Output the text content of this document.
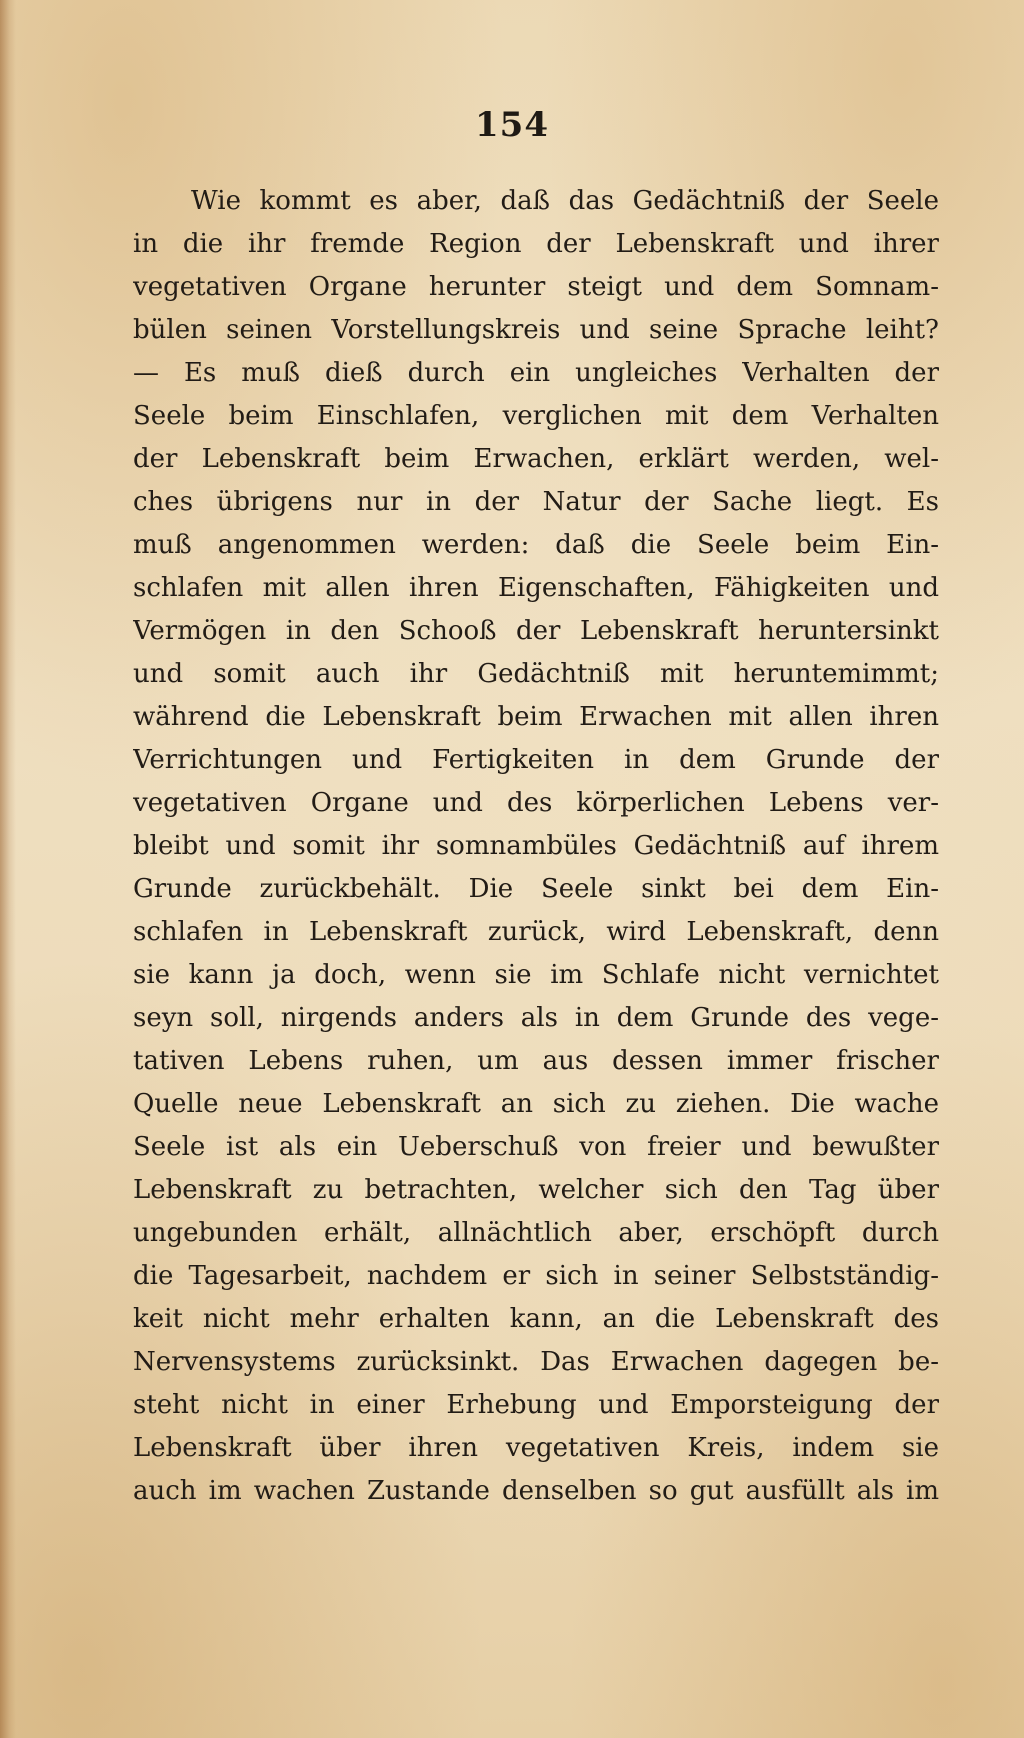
154
Wie kommt es aber, daß das Gedächtniß der Seele
in die ihr fremde Region der Lebenskraft und ihrer
vegetativen Organe herunter steigt und dem Somnam-
bülen seinen Vorstellungskreis und seine Sprache leiht?
— Es muß dieß durch ein ungleiches Verhalten der
Seele beim Einschlafen, verglichen mit dem Verhalten
der Lebenskraft beim Erwachen, erklärt werden, wel-
ches übrigens nur in der Natur der Sache liegt. Es
muß angenommen werden: daß die Seele beim Ein-
schlafen mit allen ihren Eigenschaften, Fähigkeiten und
Vermögen in den Schooß der Lebenskraft heruntersinkt
und somit auch ihr Gedächtniß mit heruntemimmt;
während die Lebenskraft beim Erwachen mit allen ihren
Verrichtungen und Fertigkeiten in dem Grunde der
vegetativen Organe und des körperlichen Lebens ver-
bleibt und somit ihr somnambüles Gedächtniß auf ihrem
Grunde zurückbehält. Die Seele sinkt bei dem Ein-
schlafen in Lebenskraft zurück, wird Lebenskraft, denn
sie kann ja doch, wenn sie im Schlafe nicht vernichtet
seyn soll, nirgends anders als in dem Grunde des vege-
tativen Lebens ruhen, um aus dessen immer frischer
Quelle neue Lebenskraft an sich zu ziehen. Die wache
Seele ist als ein Ueberschuß von freier und bewußter
Lebenskraft zu betrachten, welcher sich den Tag über
ungebunden erhält, allnächtlich aber, erschöpft durch
die Tagesarbeit, nachdem er sich in seiner Selbstständig-
keit nicht mehr erhalten kann, an die Lebenskraft des
Nervensystems zurücksinkt. Das Erwachen dagegen be-
steht nicht in einer Erhebung und Emporsteigung der
Lebenskraft über ihren vegetativen Kreis, indem sie
auch im wachen Zustande denselben so gut ausfüllt als im
